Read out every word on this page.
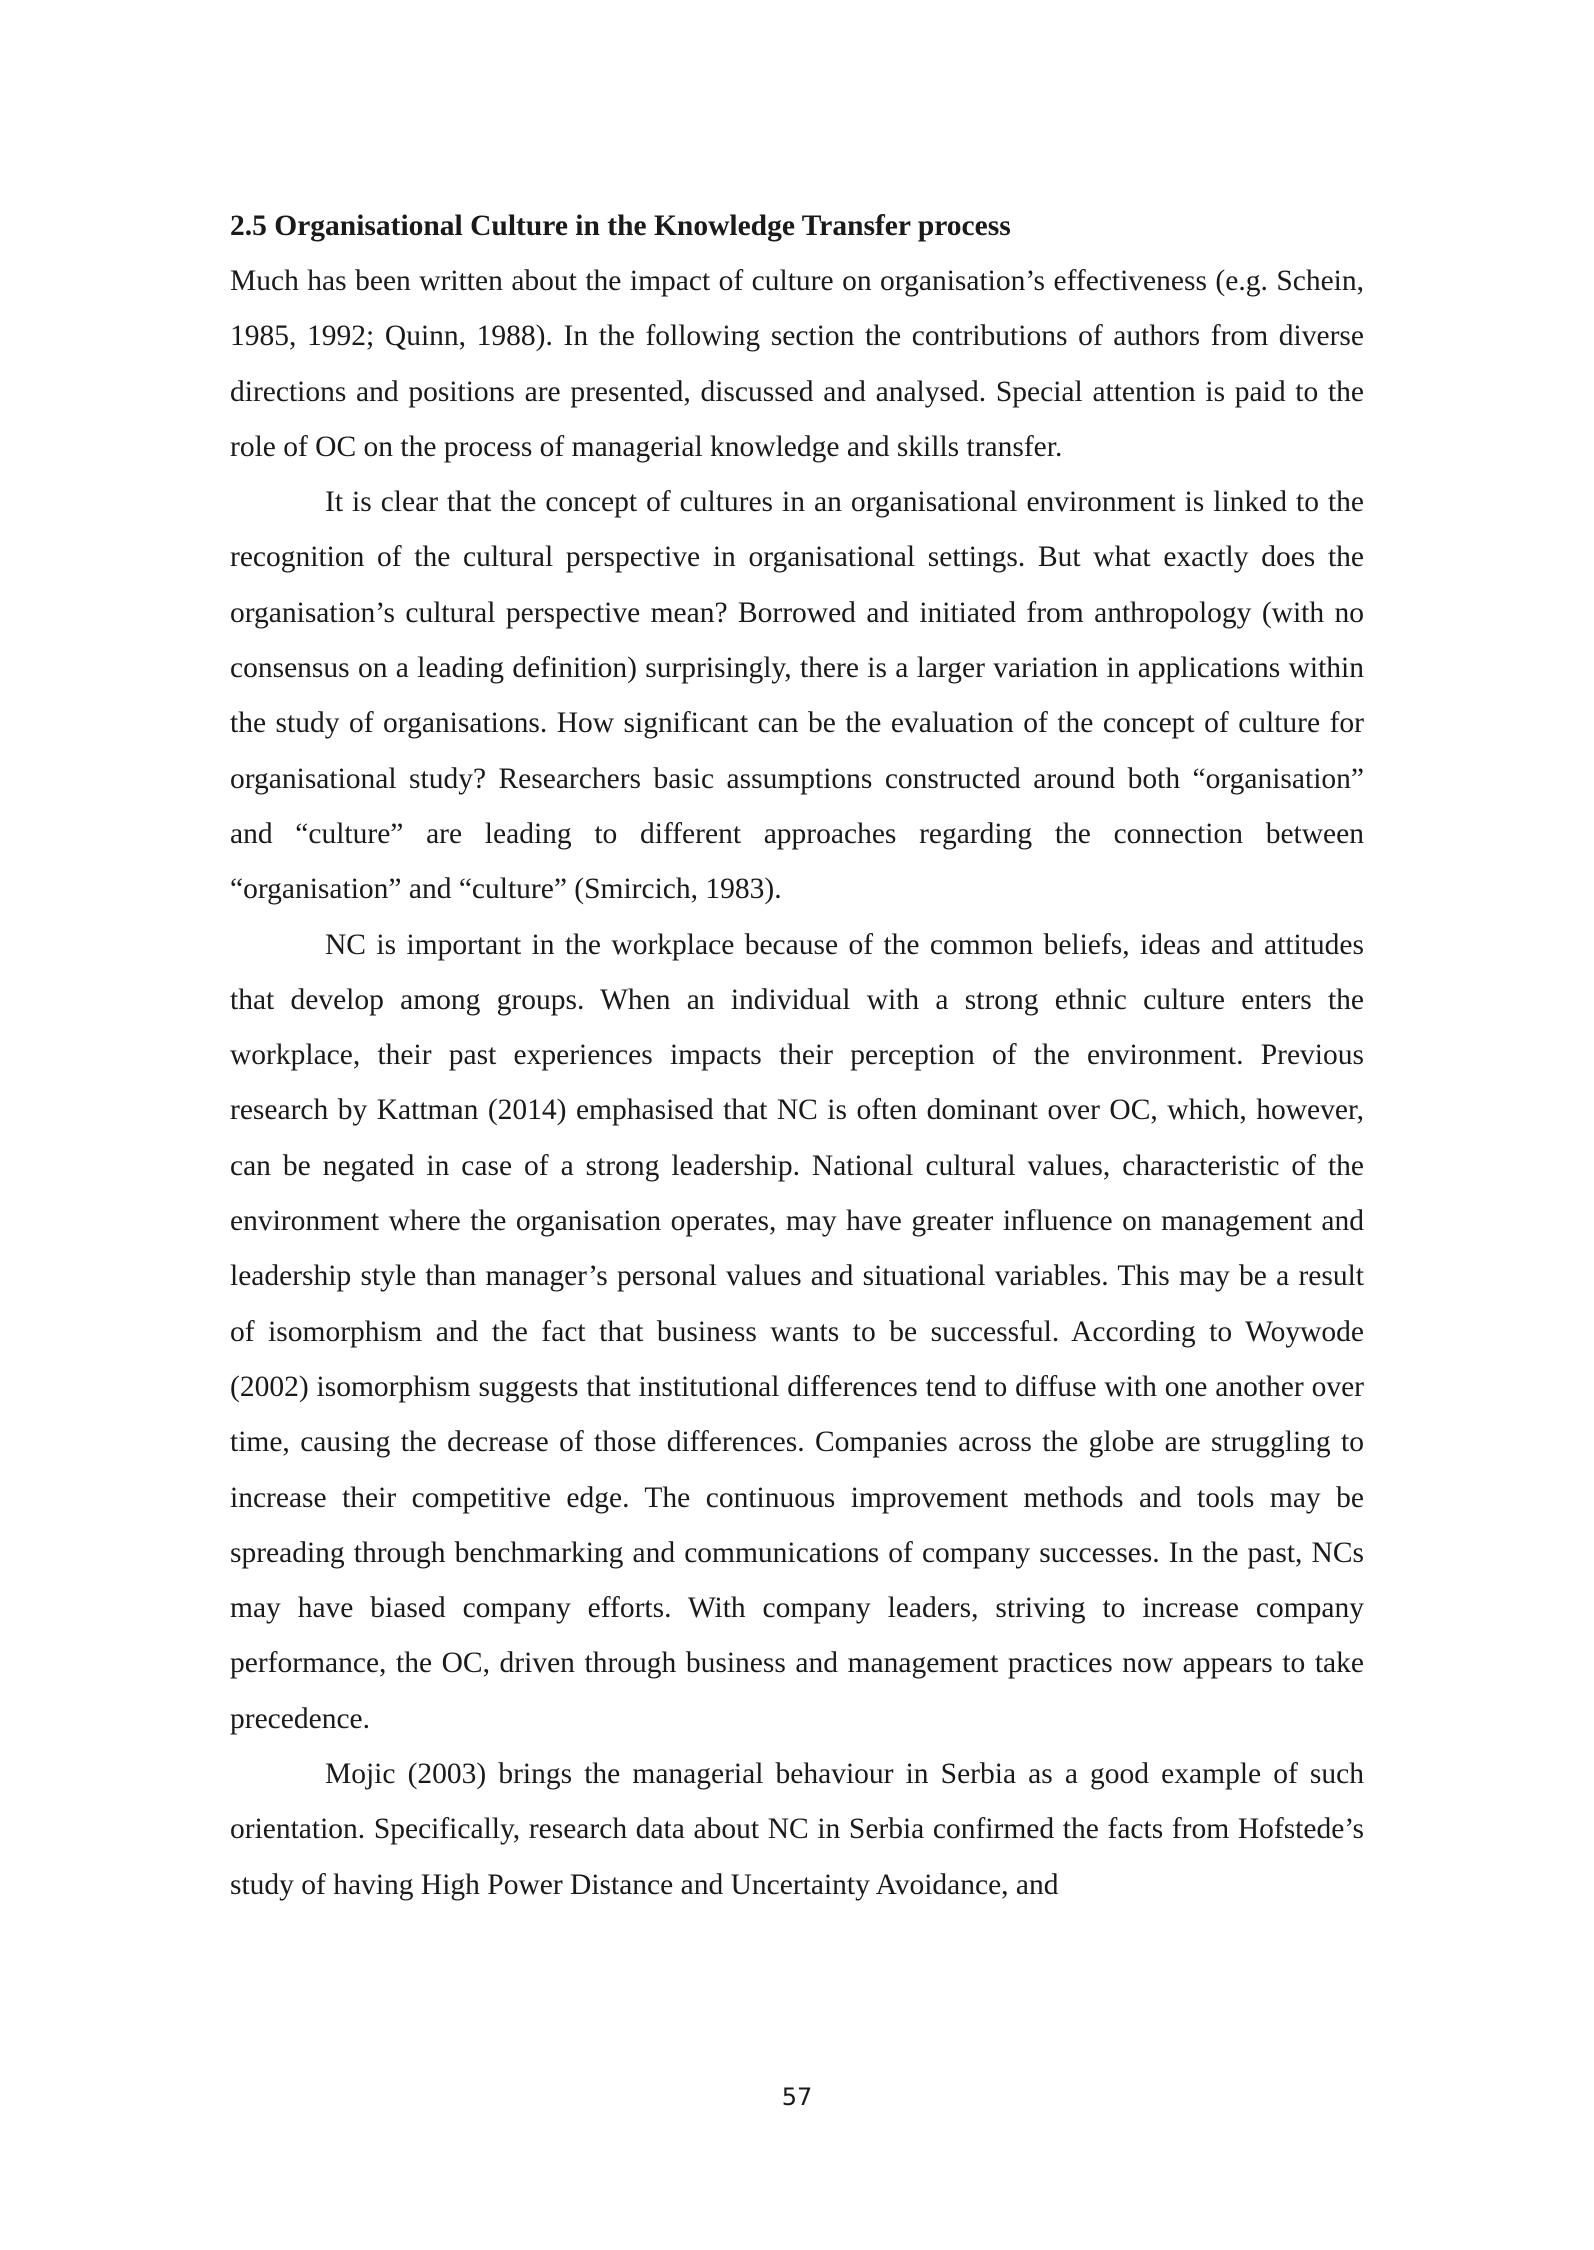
2.5 Organisational Culture in the Knowledge Transfer process

Much has been written about the impact of culture on organisation’s effectiveness (e.g. Schein, 1985, 1992; Quinn, 1988). In the following section the contributions of authors from diverse directions and positions are presented, discussed and analysed. Special attention is paid to the role of OC on the process of managerial knowledge and skills transfer.

It is clear that the concept of cultures in an organisational environment is linked to the recognition of the cultural perspective in organisational settings. But what exactly does the organisation’s cultural perspective mean? Borrowed and initiated from anthropology (with no consensus on a leading definition) surprisingly, there is a larger variation in applications within the study of organisations. How significant can be the evaluation of the concept of culture for organisational study? Researchers basic assumptions constructed around both “organisation” and “culture” are leading to different approaches regarding the connection between “organisation” and “culture” (Smircich, 1983).

NC is important in the workplace because of the common beliefs, ideas and attitudes that develop among groups. When an individual with a strong ethnic culture enters the workplace, their past experiences impacts their perception of the environment. Previous research by Kattman (2014) emphasised that NC is often dominant over OC, which, however, can be negated in case of a strong leadership. National cultural values, characteristic of the environment where the organisation operates, may have greater influence on management and leadership style than manager’s personal values and situational variables. This may be a result of isomorphism and the fact that business wants to be successful. According to Woywode (2002) isomorphism suggests that institutional differences tend to diffuse with one another over time, causing the decrease of those differences. Companies across the globe are struggling to increase their competitive edge. The continuous improvement methods and tools may be spreading through benchmarking and communications of company successes. In the past, NCs may have biased company efforts. With company leaders, striving to increase company performance, the OC, driven through business and management practices now appears to take precedence.

Mojic (2003) brings the managerial behaviour in Serbia as a good example of such orientation. Specifically, research data about NC in Serbia confirmed the facts from Hofstede’s study of having High Power Distance and Uncertainty Avoidance, and

57
